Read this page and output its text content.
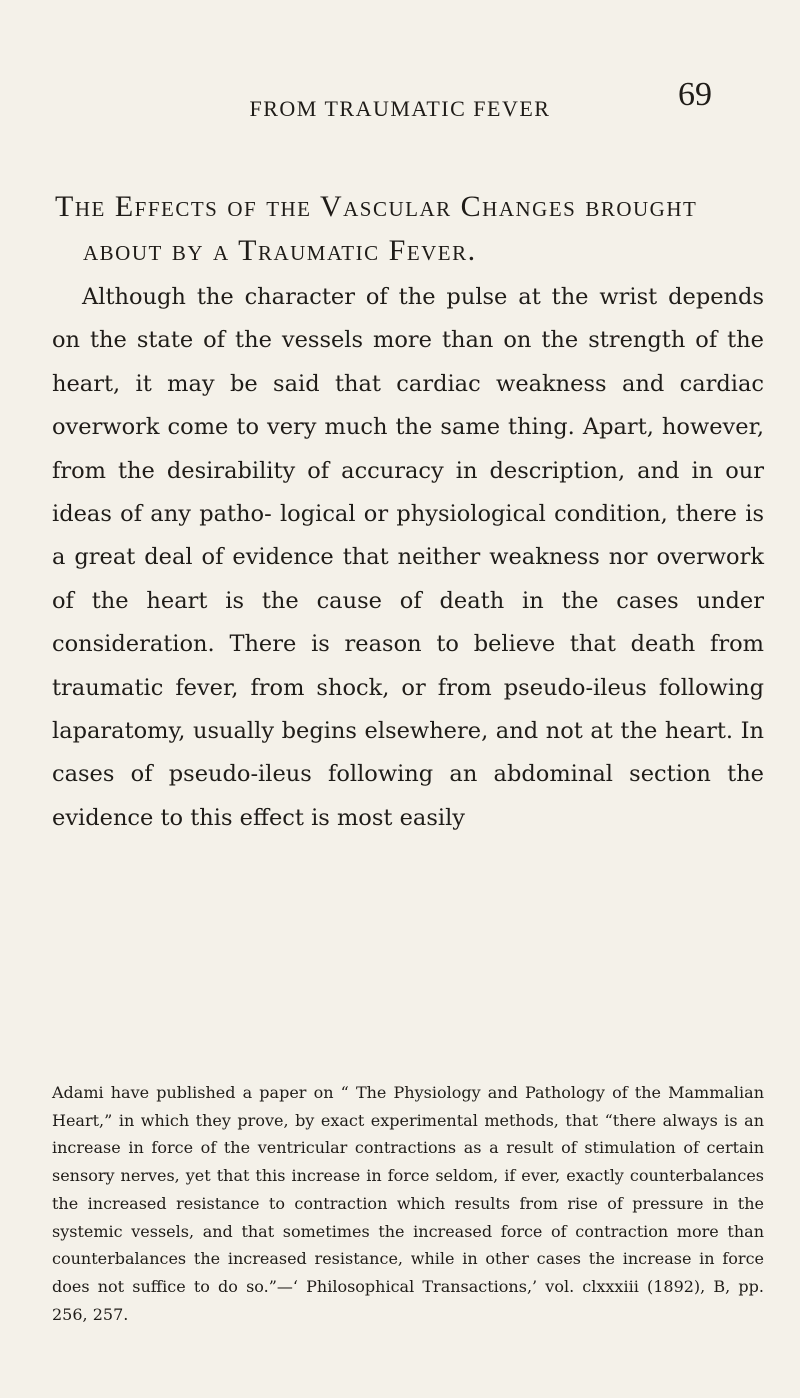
FROM TRAUMATIC FEVER	69
The Effects of the Vascular Changes brought
about by a Traumatic Fever.

Although the character of the pulse at the wrist depends on the state of the vessels more than on the strength of the heart, it may be said that cardiac weakness and cardiac overwork come to very much the same thing. Apart, however, from the desirability of accuracy in description, and in our ideas of any patho- logical or physiological condition, there is a great deal of evidence that neither weakness nor overwork of the heart is the cause of death in the cases under consideration. There is reason to believe that death from traumatic fever, from shock, or from pseudo-ileus following laparatomy, usually begins elsewhere, and not at the heart. In cases of pseudo-ileus following an abdominal section the evidence to this effect is most easily

Adami have published a paper on “ The Physiology and Pathology of the Mammalian Heart,” in which they prove, by exact experimental methods, that “there always is an increase in force of the ventricular contractions as a result of stimulation of certain sensory nerves, yet that this increase in force seldom, if ever, exactly counterbalances the increased resistance to contraction which results from rise of pressure in the systemic vessels, and that sometimes the increased force of contraction more than counterbalances the increased resistance, while in other cases the increase in force does not suffice to do so.”—‘ Philosophical Transactions,’ vol. clxxxiii (1892), B, pp. 256, 257.
